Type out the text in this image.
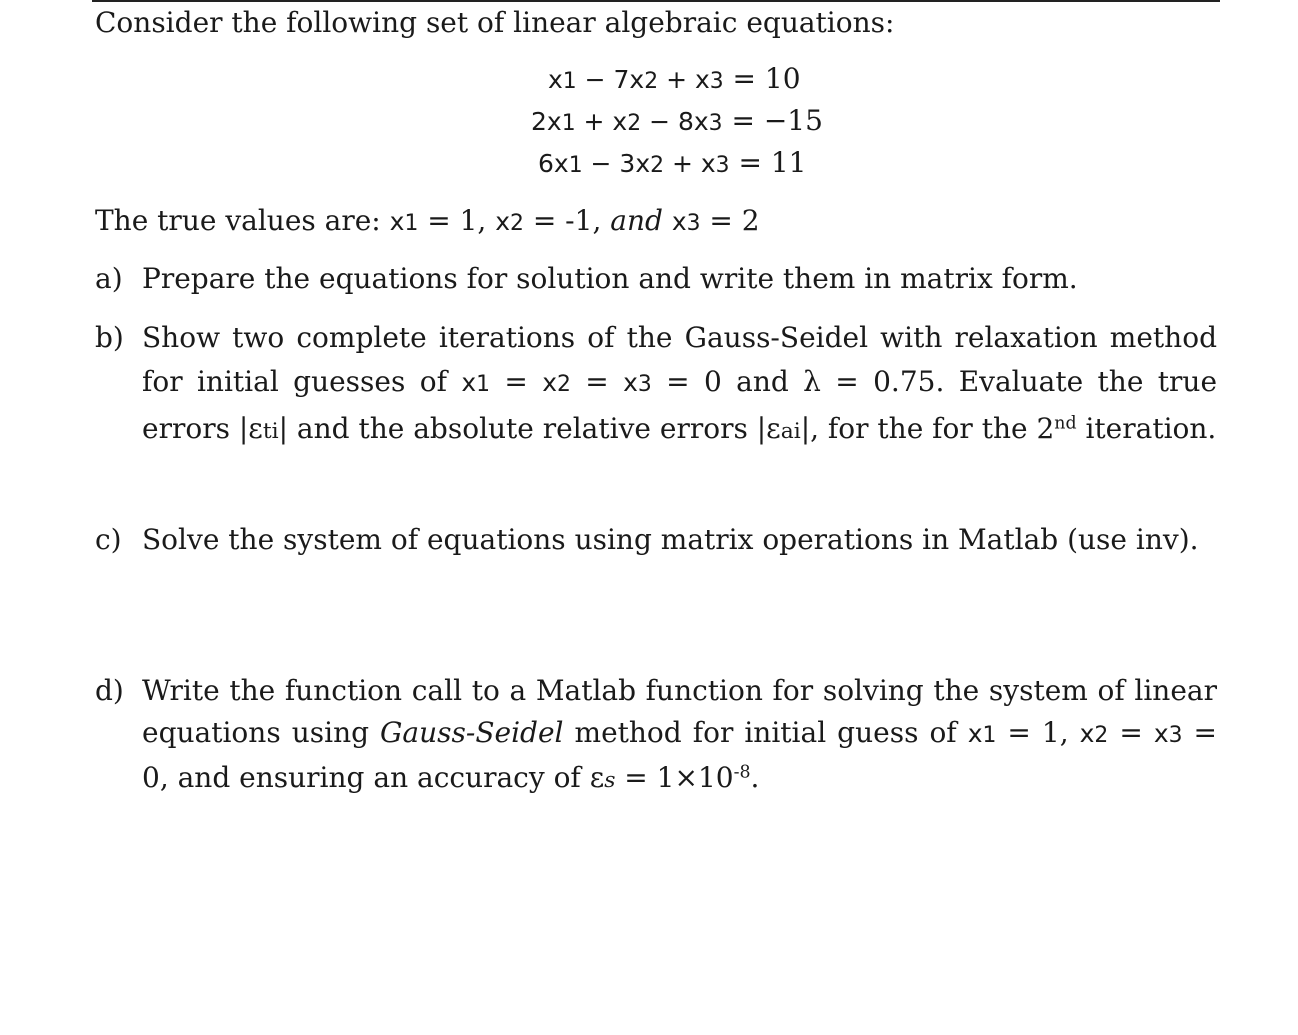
Consider the following set of linear algebraic equations:
x1 − 7x2 + x3 = 10
2x1 + x2 − 8x3 = −15
6x1 − 3x2 + x3 = 11
The true values are: x1 = 1, x2 = -1, and x3 = 2
a) Prepare the equations for solution and write them in matrix form.
b) Show two complete iterations of the Gauss-Seidel with relaxation method for initial guesses of x1 = x2 = x3 = 0 and λ = 0.75. Evaluate the true errors |εti| and the absolute relative errors |εai|, for the for the 2nd iteration.
c) Solve the system of equations using matrix operations in Matlab (use inv).
d) Write the function call to a Matlab function for solving the system of linear equations using Gauss-Seidel method for initial guess of x1 = 1, x2 = x3 = 0, and ensuring an accuracy of $\varepsilon s = 1\times 10^{-8}$.
